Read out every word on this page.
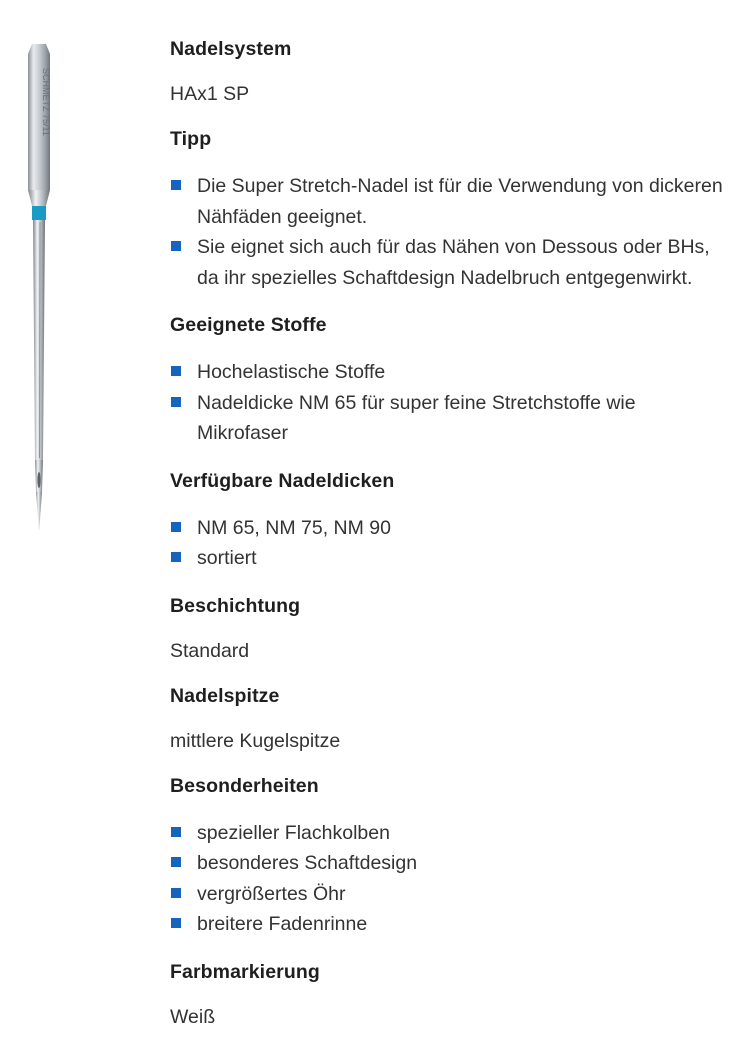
SCHMETZ 75/11
Nadelsystem
HAx1 SP
Tipp
Die Super Stretch-Nadel ist für die Verwendung von dickeren Nähfäden geeignet.
Sie eignet sich auch für das Nähen von Dessous oder BHs, da ihr spezielles Schaftdesign Nadelbruch entgegenwirkt.
Geeignete Stoffe
Hochelastische Stoffe
Nadeldicke NM 65 für super feine Stretchstoffe wie Mikrofaser
Verfügbare Nadeldicken
NM 65, NM 75, NM 90
sortiert
Beschichtung
Standard
Nadelspitze
mittlere Kugelspitze
Besonderheiten
spezieller Flachkolben
besonderes Schaftdesign
vergrößertes Öhr
breitere Fadenrinne
Farbmarkierung
Weiß
